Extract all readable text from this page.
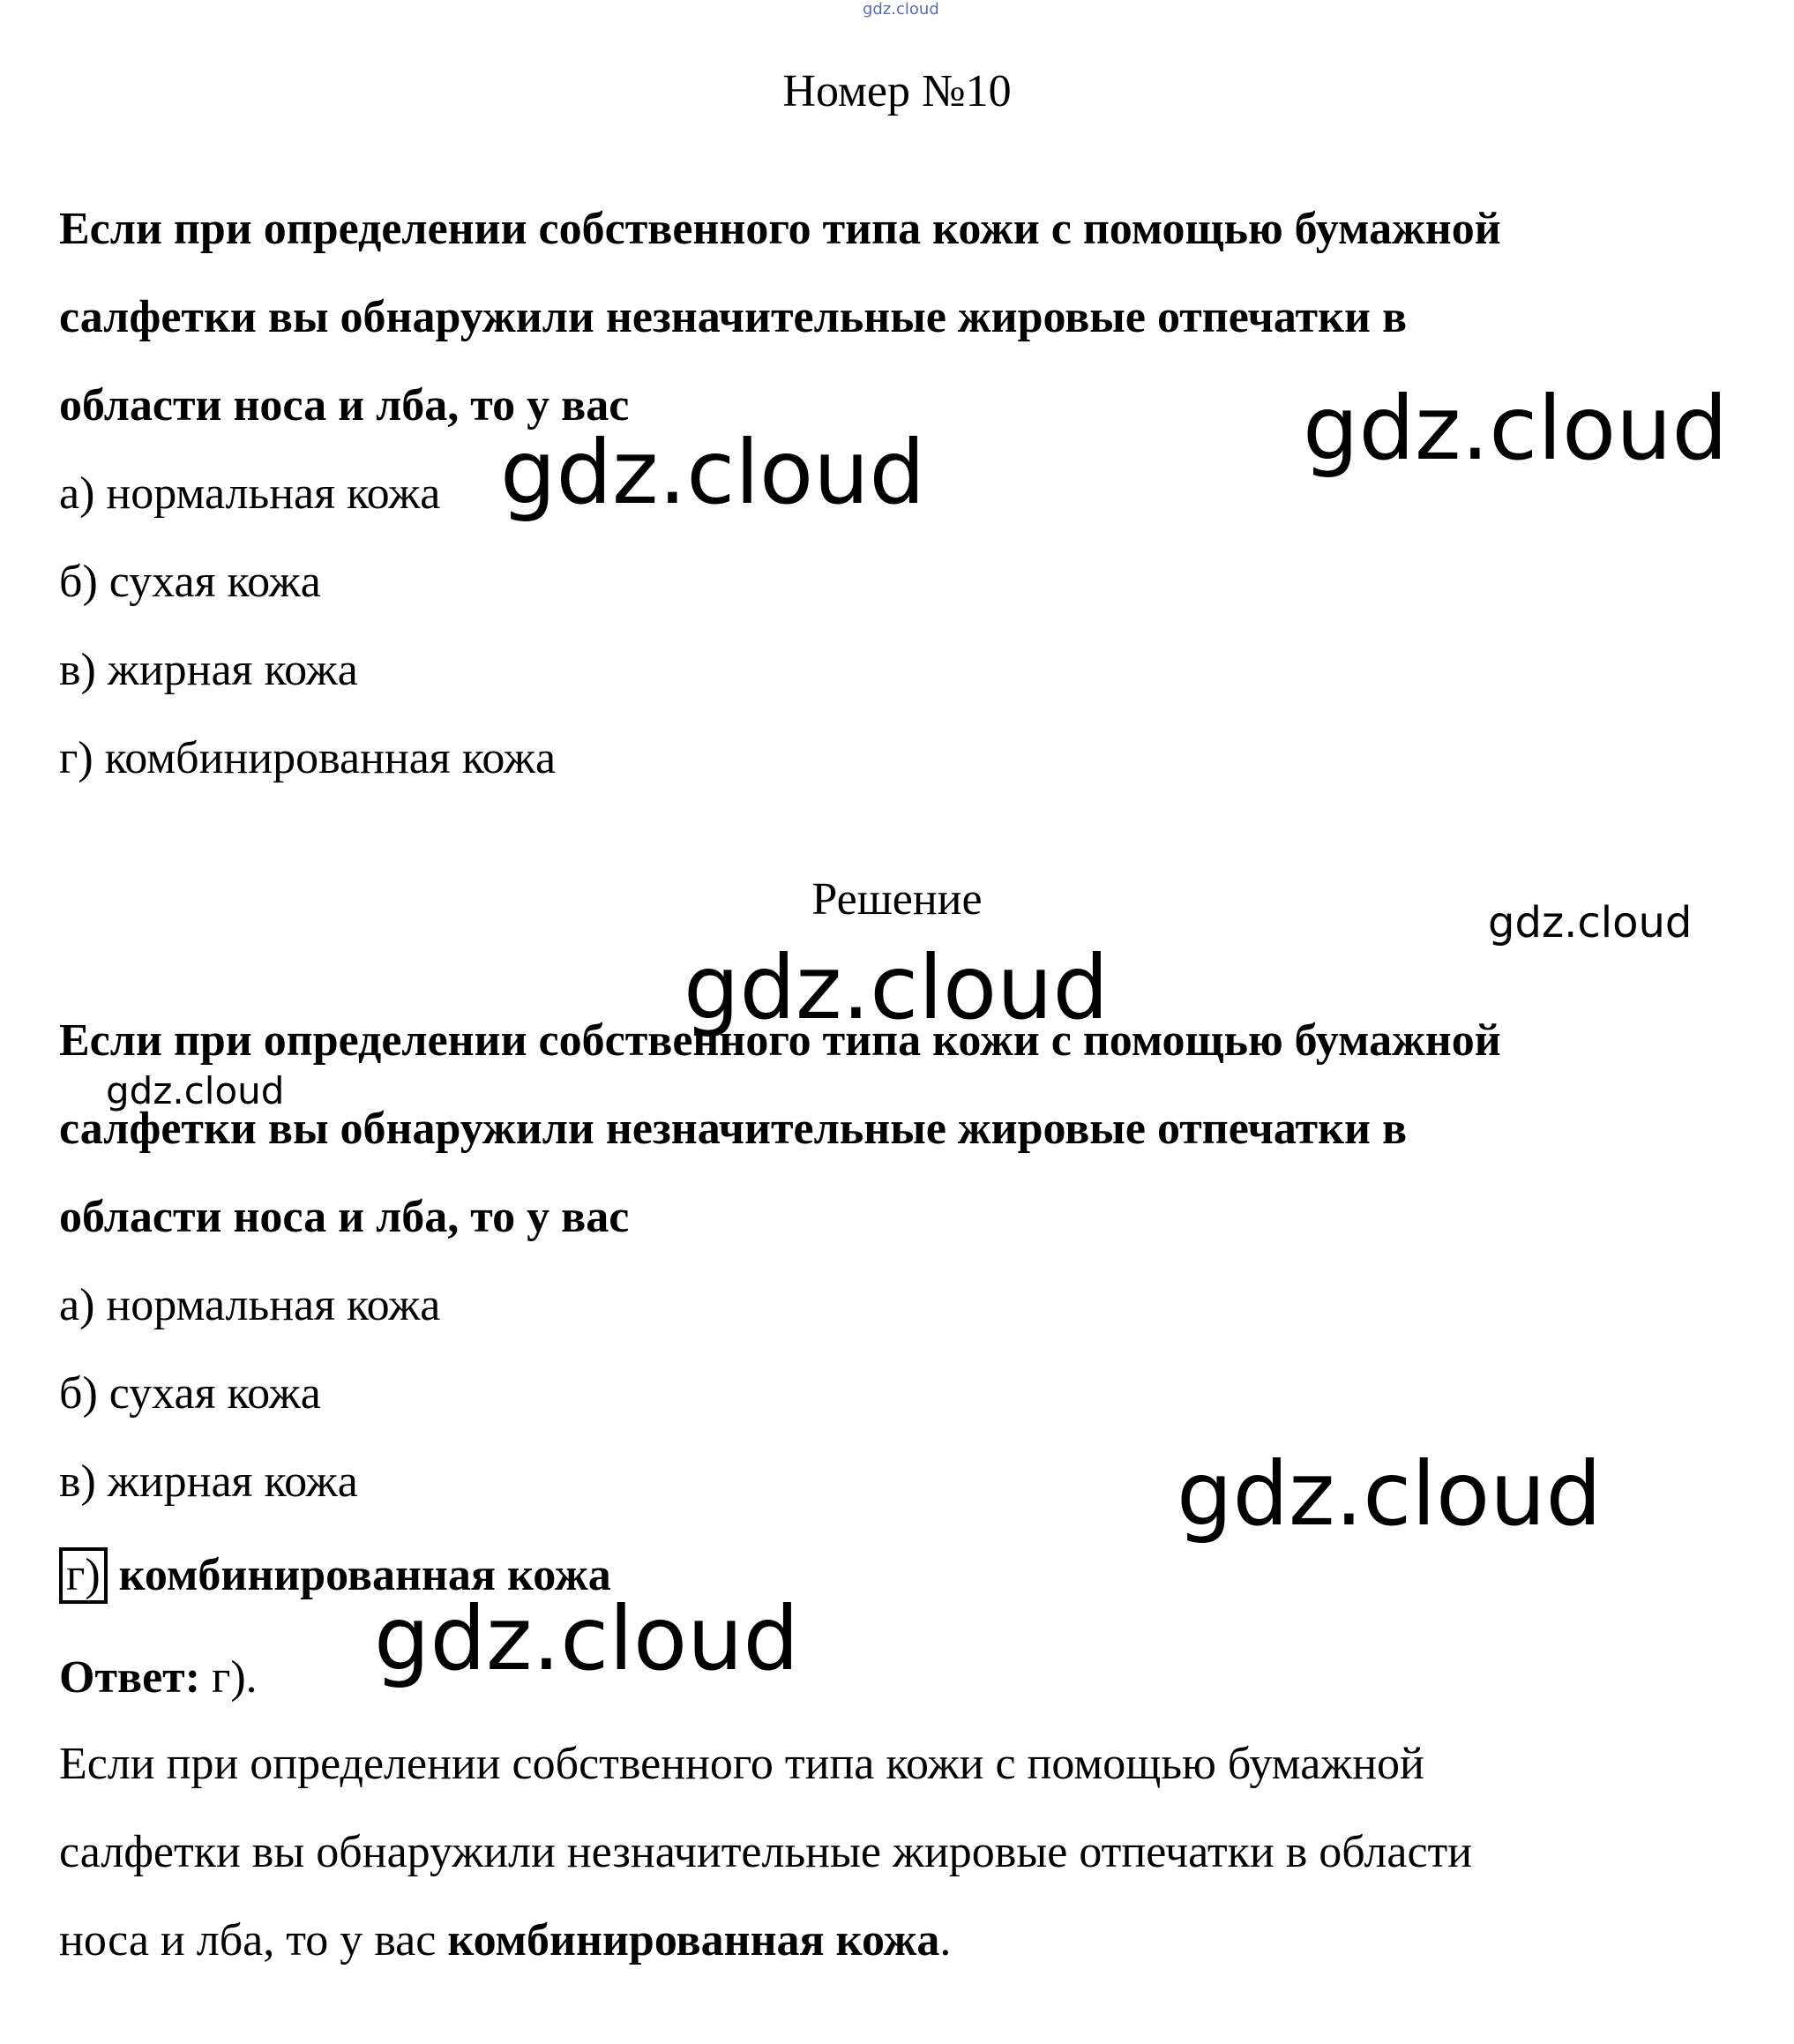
gdz.cloud
Номер №10
Если при определении собственного типа кожи с помощью бумажной
салфетки вы обнаружили незначительные жировые отпечатки в
области носа и лба, то у вас
а) нормальная кожа
б) сухая кожа
в) жирная кожа
г) комбинированная кожа
Решение
Если при определении собственного типа кожи с помощью бумажной
салфетки вы обнаружили незначительные жировые отпечатки в
области носа и лба, то у вас
а) нормальная кожа
б) сухая кожа
в) жирная кожа
г) комбинированная кожа
Ответ: г).
Если при определении собственного типа кожи с помощью бумажной
салфетки вы обнаружили незначительные жировые отпечатки в области
носа и лба, то у вас комбинированная кожа.
gdz.cloud
gdz.cloud
gdz.cloud
gdz.cloud
gdz.cloud
gdz.cloud
gdz.cloud
